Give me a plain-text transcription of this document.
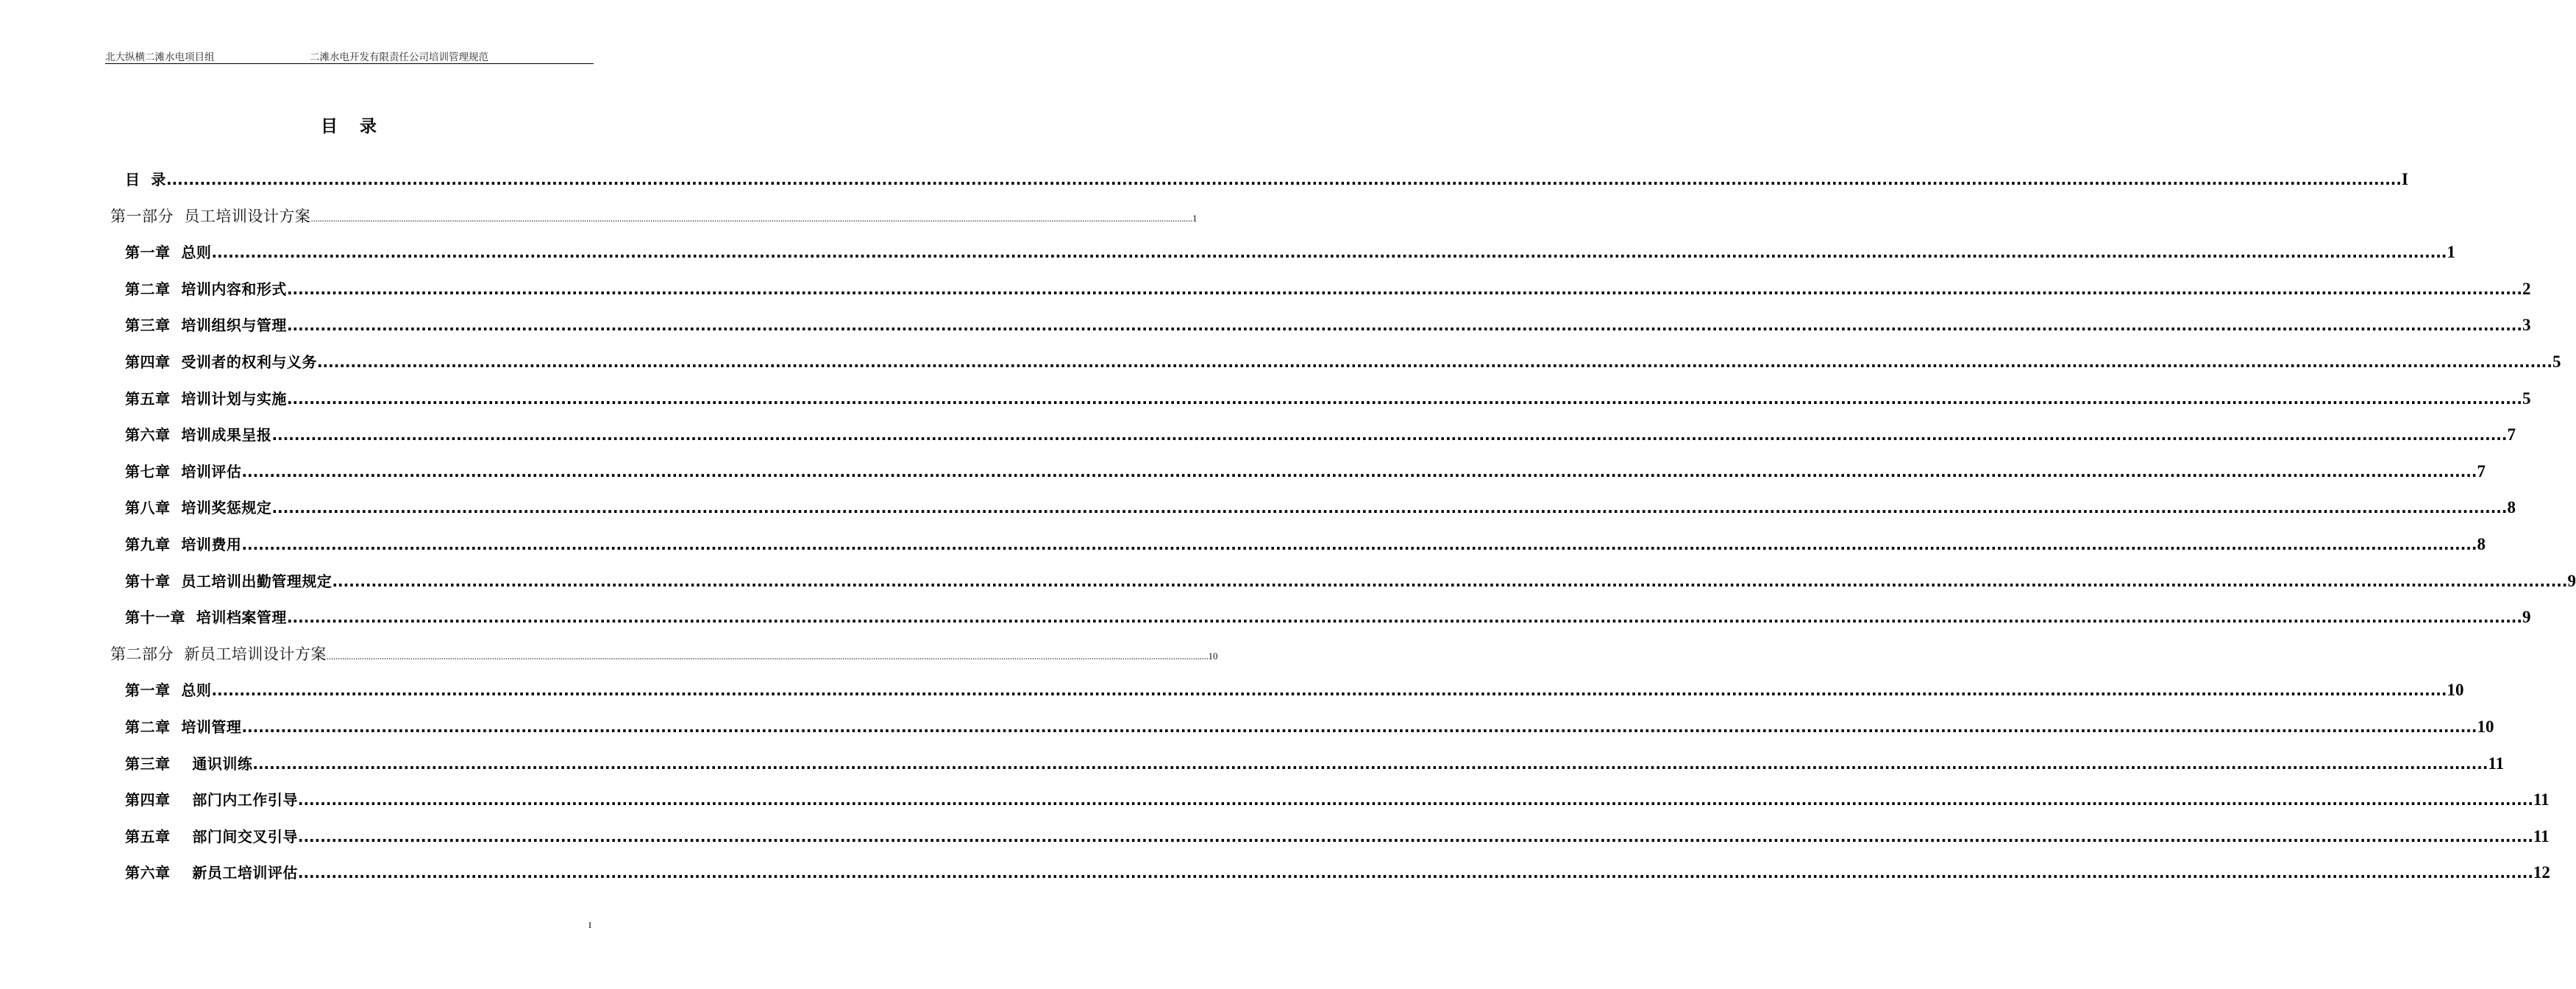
北大纵横二滩水电项目组	二滩水电开发有限责任公司培训管理规范
目 录
目  录 ................................................................................................................................................................................................................................................................................................................................................................................................................ I
第一部分  员工培训设计方案 ................................................................................................................................................................................................................................................................................................................................................................................................................ 1
第一章  总则 ................................................................................................................................................................................................................................................................................................................................................................................................................ 1
第二章  培训内容和形式 ................................................................................................................................................................................................................................................................................................................................................................................................................ 2
第三章  培训组织与管理 ................................................................................................................................................................................................................................................................................................................................................................................................................ 3
第四章  受训者的权利与义务 ................................................................................................................................................................................................................................................................................................................................................................................................................ 5
第五章  培训计划与实施 ................................................................................................................................................................................................................................................................................................................................................................................................................ 5
第六章  培训成果呈报 ................................................................................................................................................................................................................................................................................................................................................................................................................ 7
第七章  培训评估 ................................................................................................................................................................................................................................................................................................................................................................................................................ 7
第八章  培训奖惩规定 ................................................................................................................................................................................................................................................................................................................................................................................................................ 8
第九章  培训费用 ................................................................................................................................................................................................................................................................................................................................................................................................................ 8
第十章  员工培训出勤管理规定 ................................................................................................................................................................................................................................................................................................................................................................................................................ 9
第十一章  培训档案管理 ................................................................................................................................................................................................................................................................................................................................................................................................................ 9
第二部分  新员工培训设计方案 ................................................................................................................................................................................................................................................................................................................................................................................................................ 10
第一章  总则 ................................................................................................................................................................................................................................................................................................................................................................................................................ 10
第二章  培训管理 ................................................................................................................................................................................................................................................................................................................................................................................................................ 10
第三章    通识训练 ................................................................................................................................................................................................................................................................................................................................................................................................................ 11
第四章    部门内工作引导 ................................................................................................................................................................................................................................................................................................................................................................................................................ 11
第五章    部门间交叉引导 ................................................................................................................................................................................................................................................................................................................................................................................................................ 11
第六章    新员工培训评估 ................................................................................................................................................................................................................................................................................................................................................................................................................ 12
I
